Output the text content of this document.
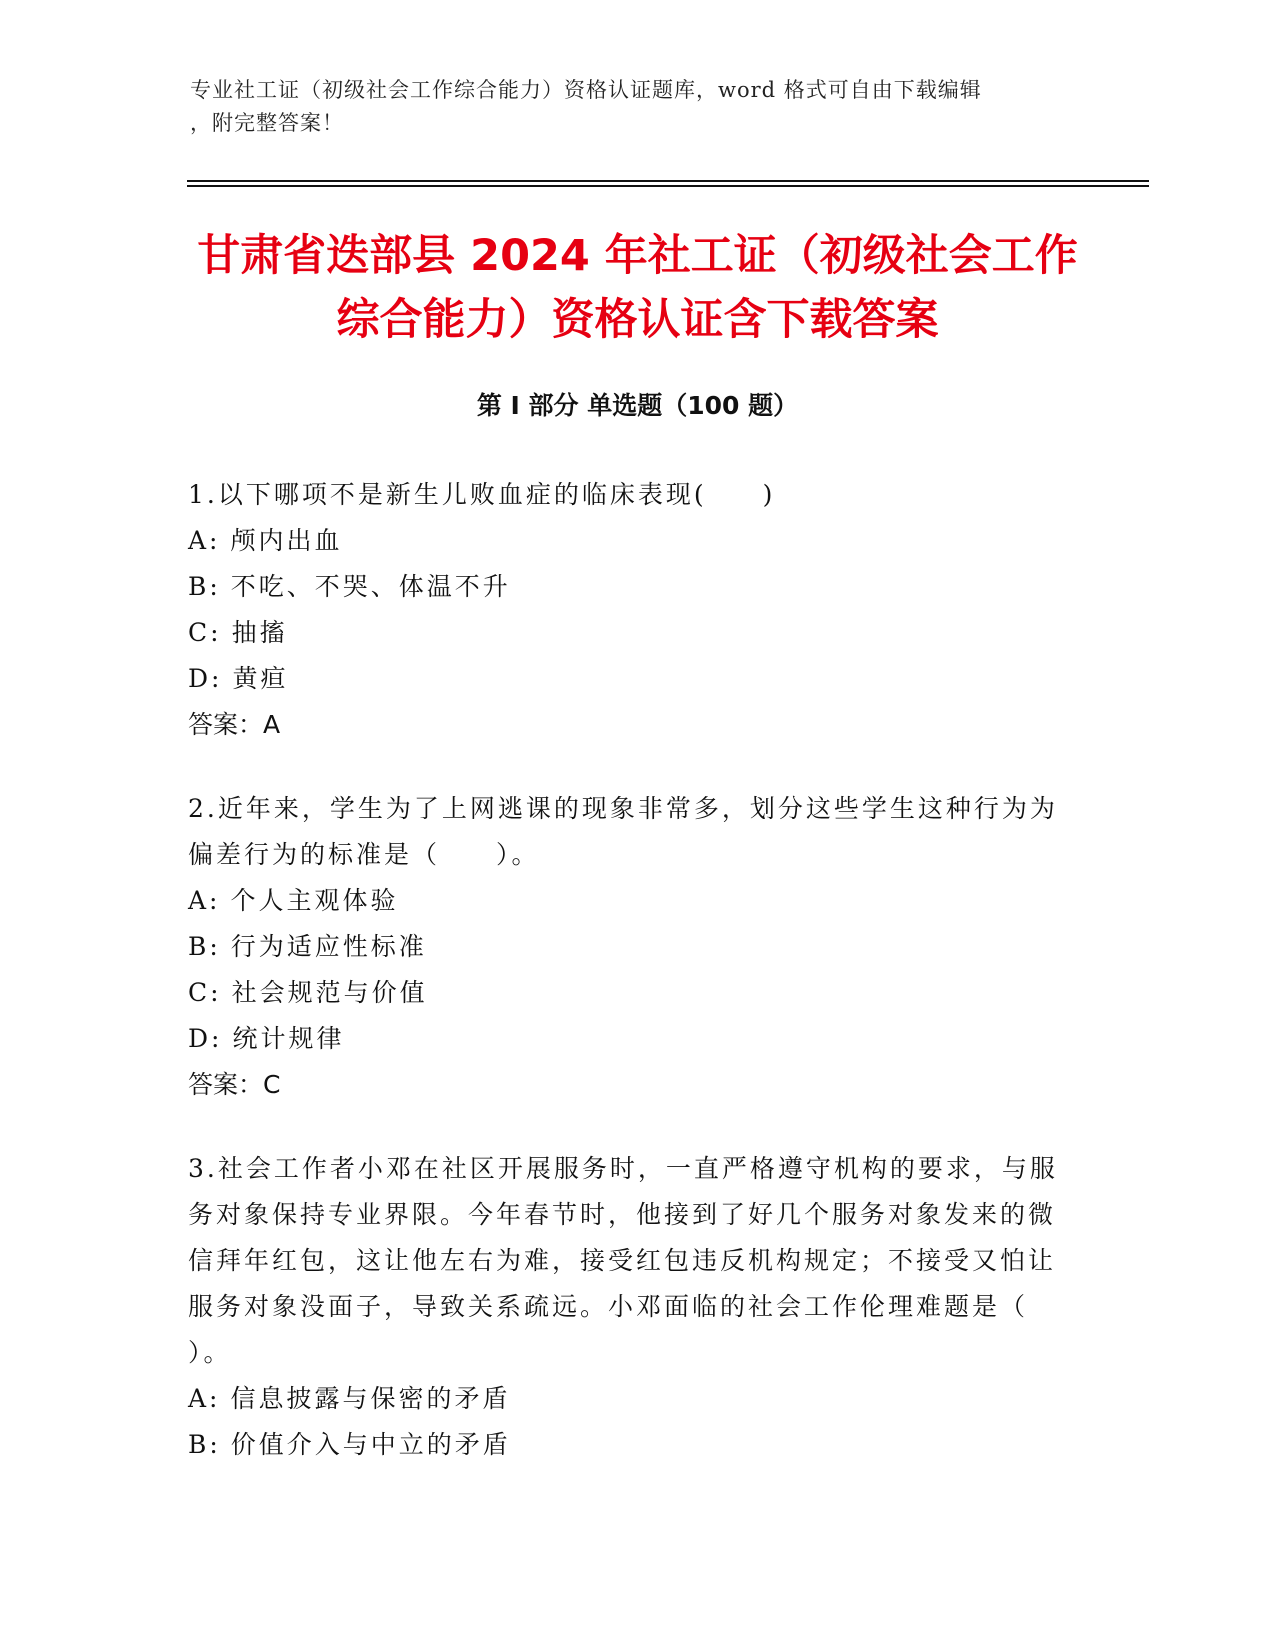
专业社工证（初级社会工作综合能力）资格认证题库，word 格式可自由下载编辑
，附完整答案！
甘肃省迭部县 2024 年社工证（初级社会工作
综合能力）资格认证含下载答案
第 I 部分 单选题（100 题）

1.以下哪项不是新生儿败血症的临床表现(　　)

A: 颅内出血

B: 不吃、不哭、体温不升

C: 抽搐

D: 黄疸

答案：A

2.近年来，学生为了上网逃课的现象非常多，划分这些学生这种行为为偏差行为的标准是（　　）。

A: 个人主观体验

B: 行为适应性标准

C: 社会规范与价值

D: 统计规律

答案：C

3.社会工作者小邓在社区开展服务时，一直严格遵守机构的要求，与服务对象保持专业界限。今年春节时，他接到了好几个服务对象发来的微信拜年红包，这让他左右为难，接受红包违反机构规定；不接受又怕让服务对象没面子，导致关系疏远。小邓面临的社会工作伦理难题是（ ）。

A: 信息披露与保密的矛盾

B: 价值介入与中立的矛盾
